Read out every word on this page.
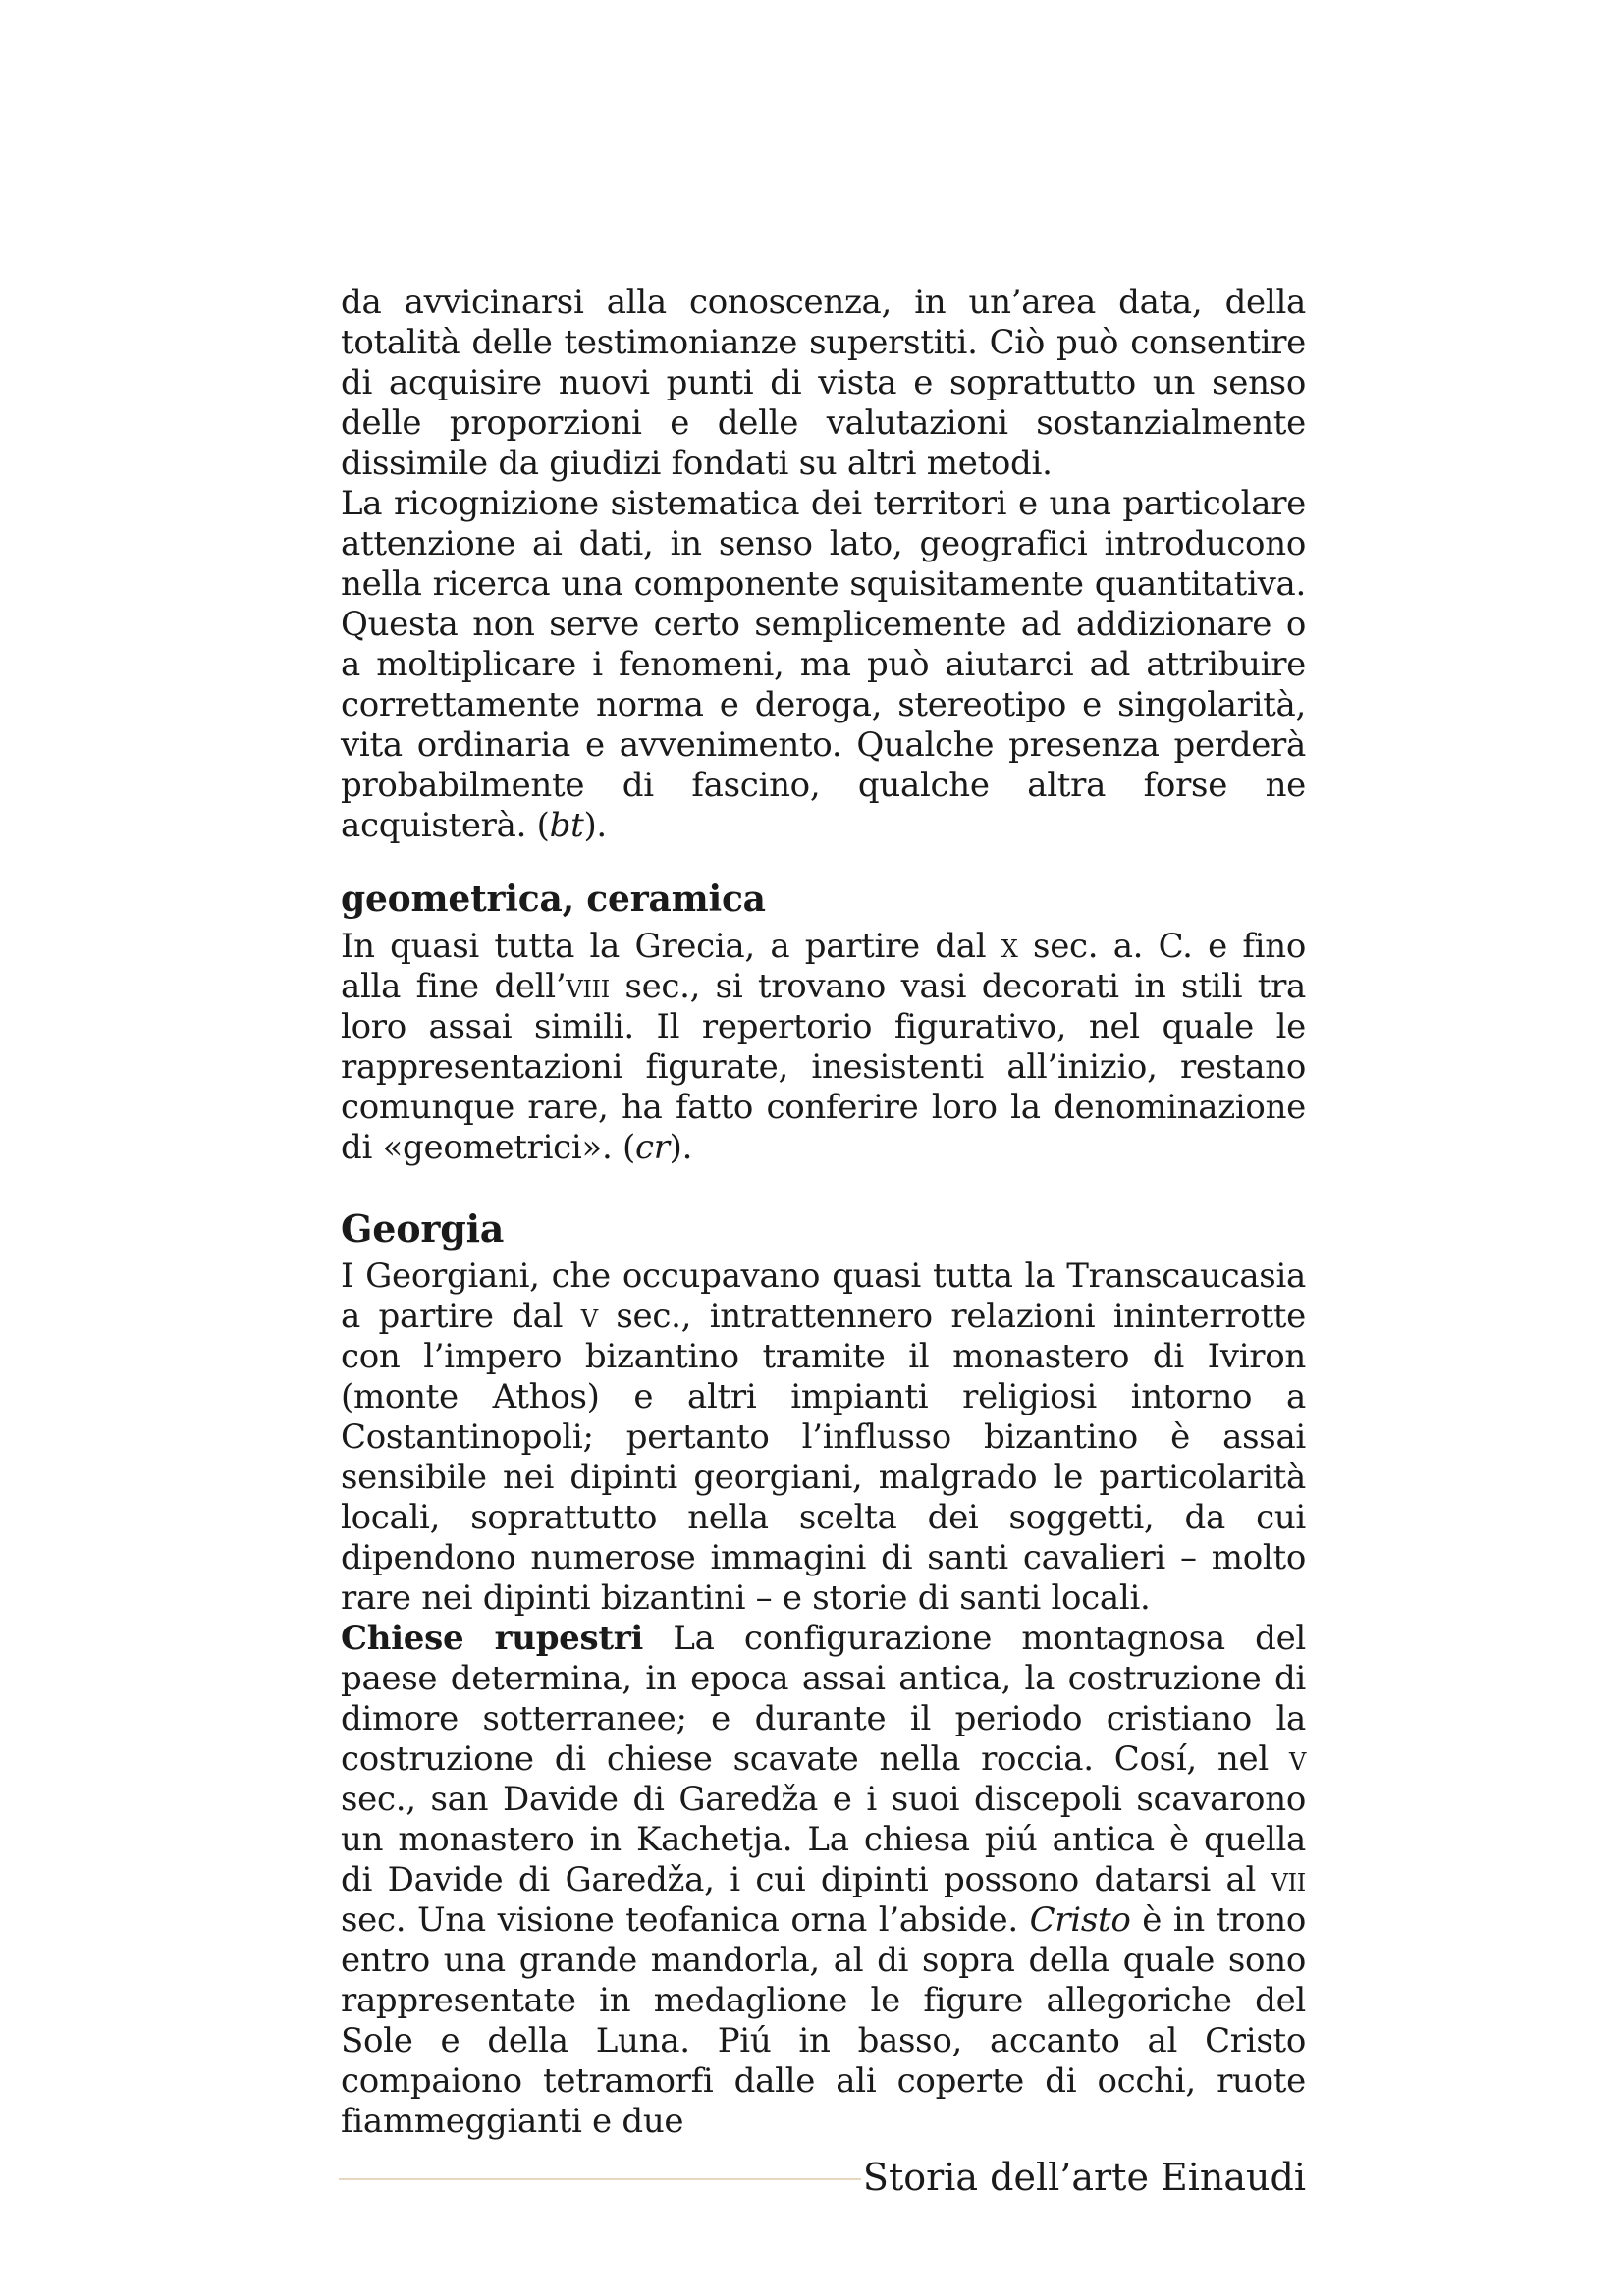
da avvicinarsi alla conoscenza, in un’area data, della totalità delle testimonianze superstiti. Ciò può consentire di acquisire nuovi punti di vista e soprattutto un senso delle proporzioni e delle valutazioni sostanzialmente dissimile da giudizi fondati su altri metodi.

La ricognizione sistematica dei territori e una particolare attenzione ai dati, in senso lato, geografici introducono nella ricerca una componente squisitamente quantitativa. Questa non serve certo semplicemente ad addizionare o a moltiplicare i fenomeni, ma può aiutarci ad attribuire correttamente norma e deroga, stereotipo e singolarità, vita ordinaria e avvenimento. Qualche presenza perderà probabilmente di fascino, qualche altra forse ne acquisterà. (bt).

geometrica, ceramica

In quasi tutta la Grecia, a partire dal x sec. a. C. e fino alla fine dell’viii sec., si trovano vasi decorati in stili tra loro assai simili. Il repertorio figurativo, nel quale le rappresentazioni figurate, inesistenti all’inizio, restano comunque rare, ha fatto conferire loro la denominazione di «geometrici». (cr).

Georgia

I Georgiani, che occupavano quasi tutta la Transcaucasia a partire dal v sec., intrattennero relazioni ininterrotte con l’impero bizantino tramite il monastero di Iviron (monte Athos) e altri impianti religiosi intorno a Costantinopoli; pertanto l’influsso bizantino è assai sensibile nei dipinti georgiani, malgrado le particolarità locali, soprattutto nella scelta dei soggetti, da cui dipendono numerose immagini di santi cavalieri – molto rare nei dipinti bizantini – e storie di santi locali.

Chiese rupestri La configurazione montagnosa del paese determina, in epoca assai antica, la costruzione di dimore sotterranee; e durante il periodo cristiano la costruzione di chiese scavate nella roccia. Cosí, nel v sec., san Davide di Garedža e i suoi discepoli scavarono un monastero in Kachetja. La chiesa piú antica è quella di Davide di Garedža, i cui dipinti possono datarsi al vii sec. Una visione teofanica orna l’abside. Cristo è in trono entro una grande mandorla, al di sopra della quale sono rappresentate in medaglione le figure allegoriche del Sole e della Luna. Piú in basso, accanto al Cristo compaiono tetramorfi dalle ali coperte di occhi, ruote fiammeggianti e due

Storia dell’arte Einaudi
